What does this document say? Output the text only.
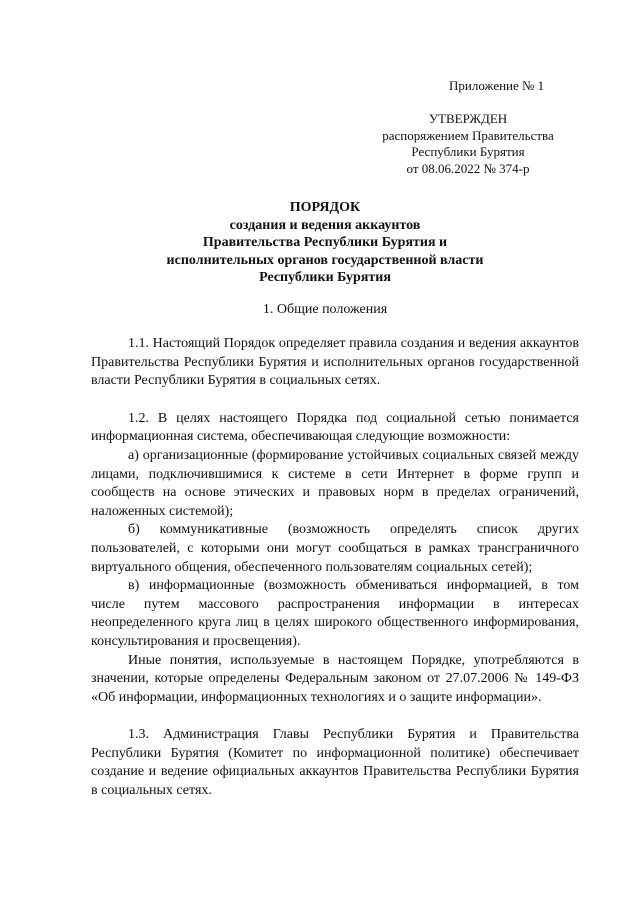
Приложение № 1
УТВЕРЖДЕН
распоряжением Правительства
Республики Бурятия
от 08.06.2022 № 374-р
ПОРЯДОК
создания и ведения аккаунтов
Правительства Республики Бурятия и
исполнительных органов государственной власти
Республики Бурятия
1. Общие положения

1.1. Настоящий Порядок определяет правила создания и ведения аккаунтов Правительства Республики Бурятия и исполнительных органов государственной власти Республики Бурятия в социальных сетях.

1.2. В целях настоящего Порядка под социальной сетью понимается информационная система, обеспечивающая следующие возможности:

а) организационные (формирование устойчивых социальных связей между лицами, подключившимися к системе в сети Интернет в форме групп и сообществ на основе этических и правовых норм в пределах ограничений, наложенных системой);

б) коммуникативные (возможность определять список других пользователей, с которыми они могут сообщаться в рамках трансграничного виртуального общения, обеспеченного пользователям социальных сетей);

в) информационные (возможность обмениваться информацией, в том числе путем массового распространения информации в интересах неопределенного круга лиц в целях широкого общественного информирования, консультирования и просвещения).

Иные понятия, используемые в настоящем Порядке, употребляются в значении, которые определены Федеральным законом от 27.07.2006 № 149-ФЗ «Об информации, информационных технологиях и о защите информации».

1.3. Администрация Главы Республики Бурятия и Правительства Республики Бурятия (Комитет по информационной политике) обеспечивает создание и ведение официальных аккаунтов Правительства Республики Бурятия в социальных сетях.
